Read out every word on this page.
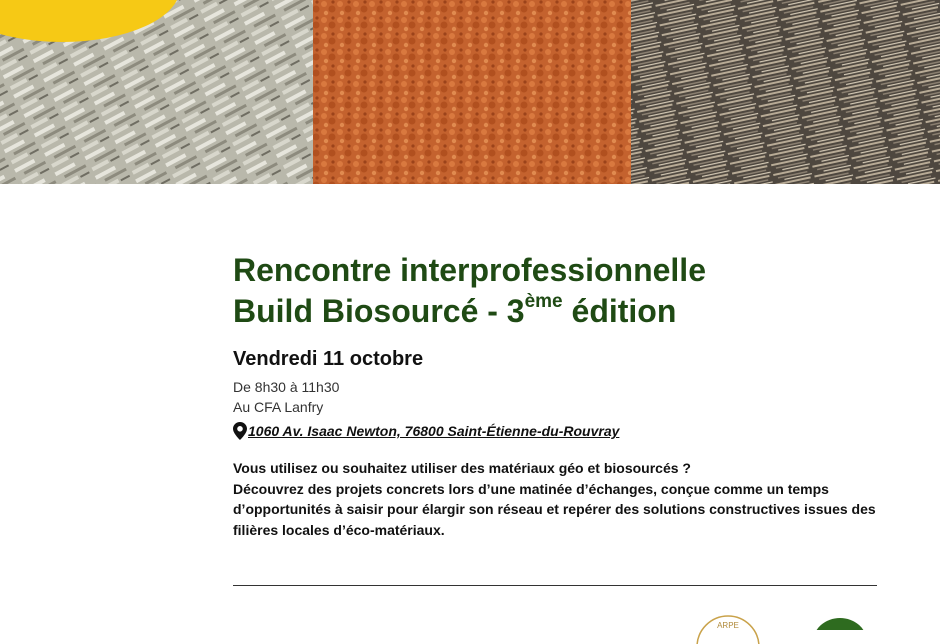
Rencontre interprofessionnelle
Build Biosourcé - 3ème édition

Vendredi 11 octobre

De 8h30 à 11h30

Au CFA Lanfry

1060 Av. Isaac Newton, 76800 Saint-Étienne-du-Rouvray

Vous utilisez ou souhaitez utiliser des matériaux géo et biosourcés ?

Découvrez des projets concrets lors d’une matinée d’échanges, conçue comme un temps d’opportunités à saisir pour élargir son réseau et repérer des solutions constructives issues des filières locales d’éco-matériaux.

ARPE
